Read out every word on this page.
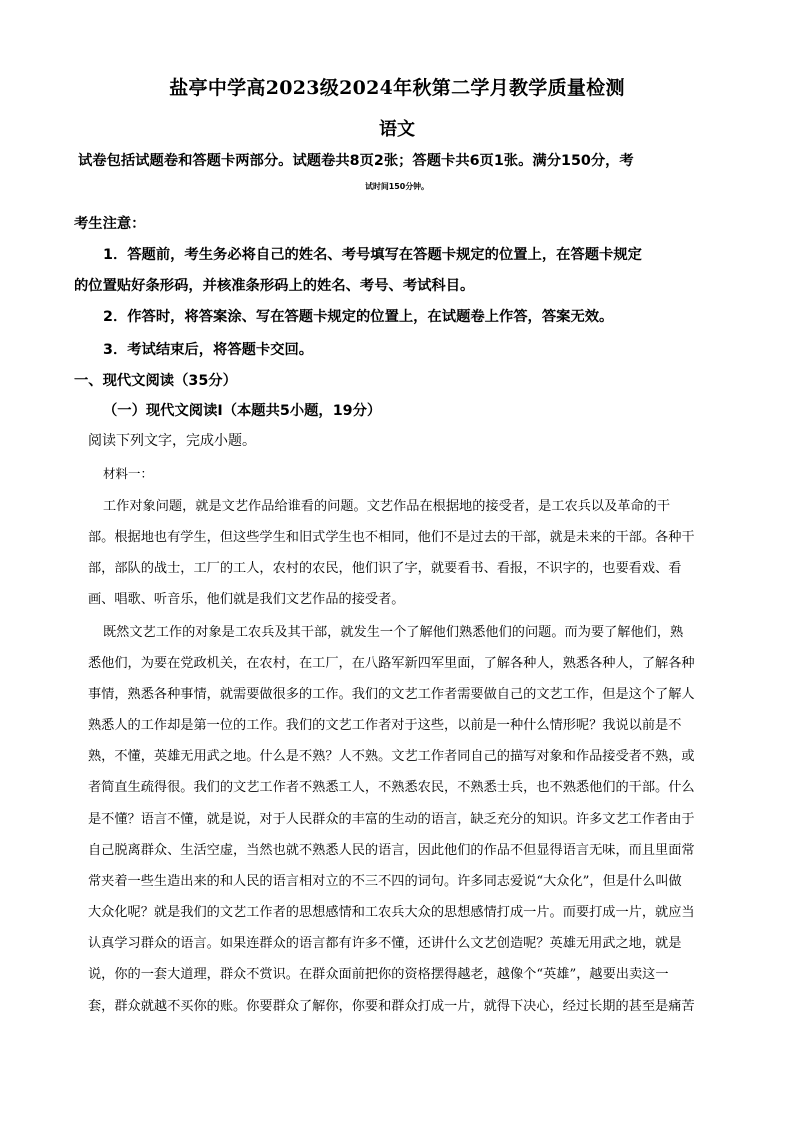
盐亭中学高2023级2024年秋第二学月教学质量检测
语文
试卷包括试题卷和答题卡两部分。试题卷共8页2张；答题卡共6页1张。满分150分，考
试时间150分钟。
考生注意：
1．答题前，考生务必将自己的姓名、考号填写在答题卡规定的位置上，在答题卡规定
的位置贴好条形码，并核准条形码上的姓名、考号、考试科目。
2．作答时，将答案涂、写在答题卡规定的位置上，在试题卷上作答，答案无效。
3．考试结束后，将答题卡交回。
一、现代文阅读（35分）
（一）现代文阅读Ⅰ（本题共5小题，19分）
阅读下列文字，完成小题。
材料一：
工作对象问题，就是文艺作品给谁看的问题。文艺作品在根据地的接受者，是工农兵以及革命的干
部。根据地也有学生，但这些学生和旧式学生也不相同，他们不是过去的干部，就是未来的干部。各种干
部，部队的战士，工厂的工人，农村的农民，他们识了字，就要看书、看报，不识字的，也要看戏、看
画、唱歌、听音乐，他们就是我们文艺作品的接受者。
既然文艺工作的对象是工农兵及其干部，就发生一个了解他们熟悉他们的问题。而为要了解他们，熟
悉他们，为要在党政机关，在农村，在工厂，在八路军新四军里面，了解各种人，熟悉各种人，了解各种
事情，熟悉各种事情，就需要做很多的工作。我们的文艺工作者需要做自己的文艺工作，但是这个了解人
熟悉人的工作却是第一位的工作。我们的文艺工作者对于这些，以前是一种什么情形呢？我说以前是不
熟，不懂，英雄无用武之地。什么是不熟？人不熟。文艺工作者同自己的描写对象和作品接受者不熟，或
者简直生疏得很。我们的文艺工作者不熟悉工人，不熟悉农民，不熟悉士兵，也不熟悉他们的干部。什么
是不懂？语言不懂，就是说，对于人民群众的丰富的生动的语言，缺乏充分的知识。许多文艺工作者由于
自己脱离群众、生活空虚，当然也就不熟悉人民的语言，因此他们的作品不但显得语言无味，而且里面常
常夹着一些生造出来的和人民的语言相对立的不三不四的词句。许多同志爱说“大众化”，但是什么叫做
大众化呢？就是我们的文艺工作者的思想感情和工农兵大众的思想感情打成一片。而要打成一片，就应当
认真学习群众的语言。如果连群众的语言都有许多不懂，还讲什么文艺创造呢？英雄无用武之地，就是
说，你的一套大道理，群众不赏识。在群众面前把你的资格摆得越老，越像个“英雄”，越要出卖这一
套，群众就越不买你的账。你要群众了解你，你要和群众打成一片，就得下决心，经过长期的甚至是痛苦
